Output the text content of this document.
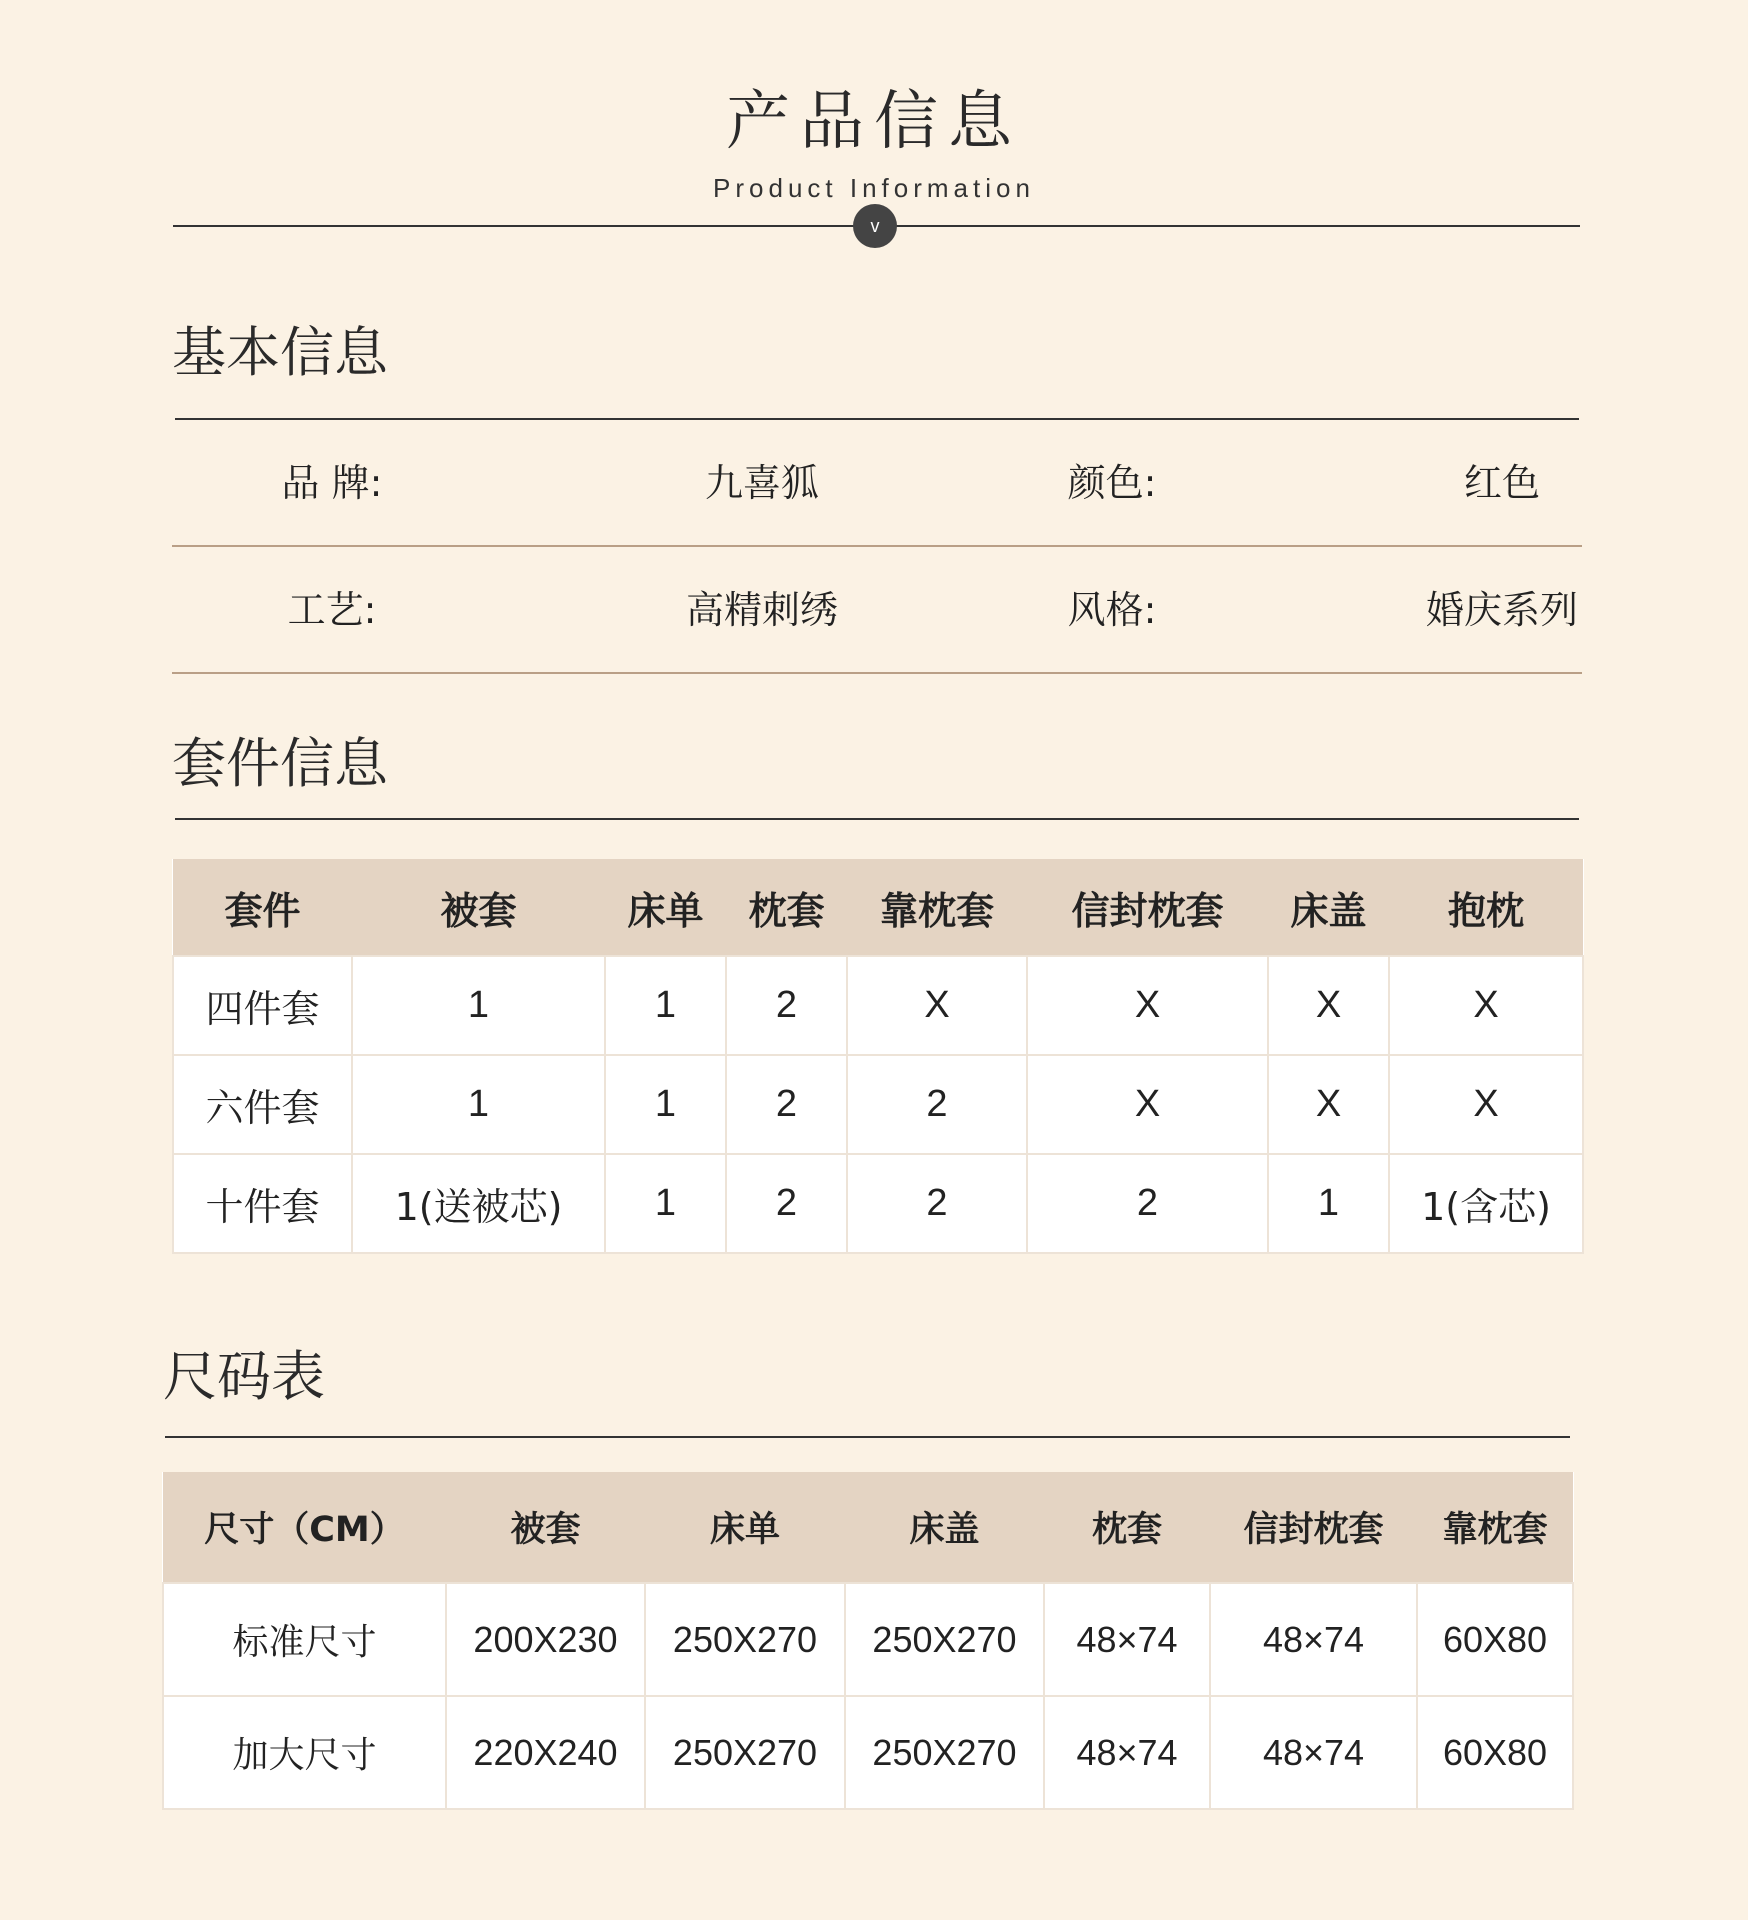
产品信息
Product Information
v
基本信息
品 牌:	九喜狐	颜色:	红色
工艺:	高精刺绣	风格:	婚庆系列
套件信息
套件	被套	床单	枕套	靠枕套	信封枕套	床盖	抱枕
四件套	1	1	2	X	X	X	X
六件套	1	1	2	2	X	X	X
十件套	1(送被芯)	1	2	2	2	1	1(含芯)
尺码表
尺寸（CM）	被套	床单	床盖	枕套	信封枕套	靠枕套
标准尺寸	200X230	250X270	250X270	48×74	48×74	60X80
加大尺寸	220X240	250X270	250X270	48×74	48×74	60X80
